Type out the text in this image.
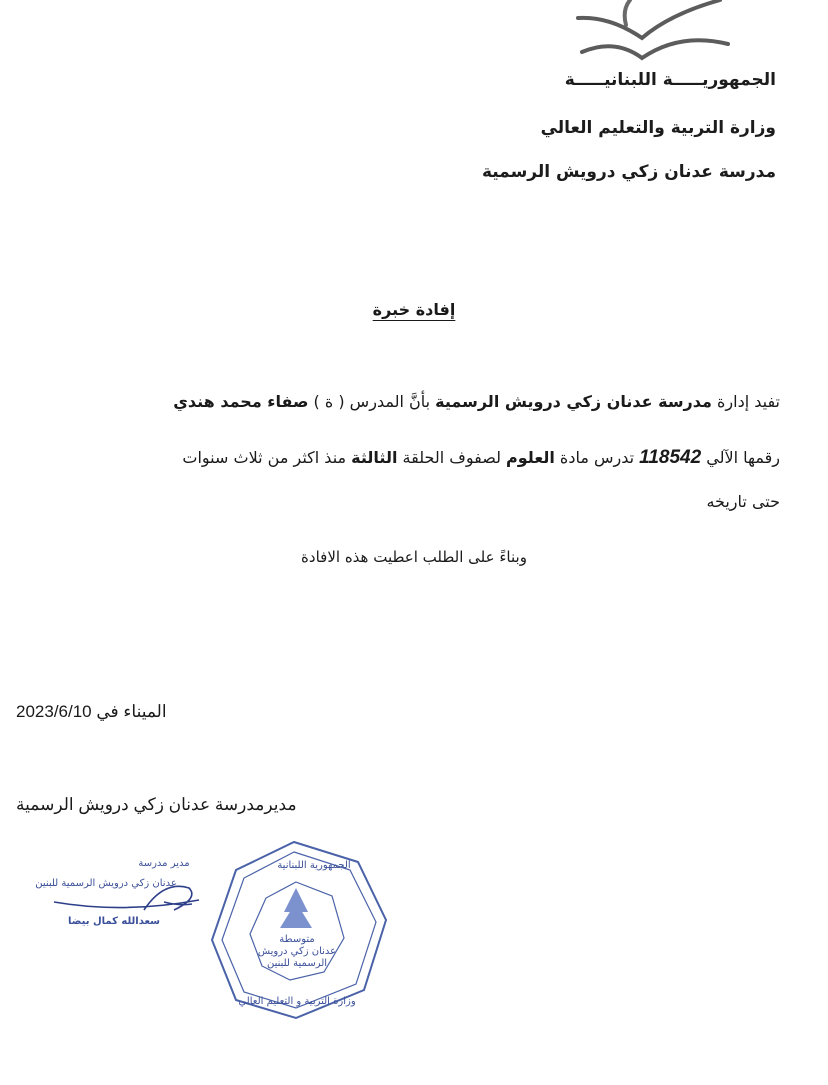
الجمهوريـــــة اللبنانيـــــة
وزارة التربية والتعليم العالي
مدرسة عدنان زكي درويش الرسمية
إفادة خبرة
تفيد إدارة مدرسة عدنان زكي درويش الرسمية بأنَّ المدرس ( ة ) صفاء محمد هندي
رقمها الآلي 118542 تدرس مادة العلوم لصفوف الحلقة الثالثة منذ اكثر من ثلاث سنوات
حتى تاريخه
وبناءً على الطلب اعطيت هذه الافادة
الميناء في 2023/6/10
مديرمدرسة عدنان زكي درويش الرسمية
مدير مدرسة
عدنان زكي درويش الرسمية للبنين
سعدالله كمال بيضا
الجمهورية اللبنانية
وزارة التربية و التعليم العالي
متوسطة
عدنان زكي درويش
الرسمية للبنين
